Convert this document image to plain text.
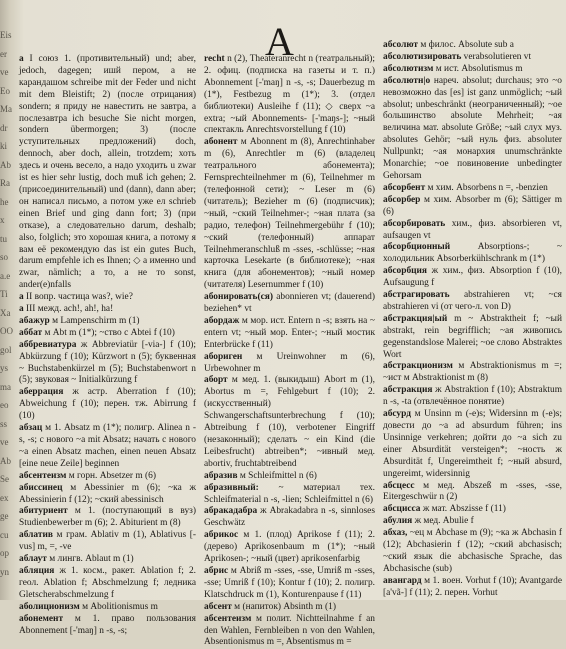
Eis
er
ve
Eo
Ma
dr
ki
Ab
Ra
he
x
tu
so
a.e
Ti
Xa
OO
gol
ys
ma
eo
ss
ve
Ab
Se
ex
ge
cu
op
yn
A

а I союз 1. (противительный) und; aber, jedoch, dagegen; ишй пером, а не карандашом schreibe mit der Feder und nicht mit dem Bleistift; 2) (после отрицания) sondern; я приду не навестить не завтра, а послезавтра ich besuche Sie nicht morgen, sondern übermorgen; 3) (после уступительных предложений) doch, dennoch, aber doch, allein, trotzdem; хоть здесь и очень весело, а надо уходить u zwar ist es hier sehr lustig, doch muß ich gehen; 2. (присоединительный) und (dann), dann aber; он написал письмо, а потом уже ел schrieb einen Brief und ging dann fort; 3) (при отказе), а следовательно darum, deshalb; also, folglich; это хорошая книга, а потому я вам её рекомендую das ist ein gutes Buch, darum empfehle ich es Ihnen; ◇ а именно und zwar, nämlich; а то, а не то sonst, ander(e)nfalls

а II вопр. частица was?, wie?

а III межд. ach!, ah!, ha!

абажур м Lampenschirm m (1)

аббат м Abt m (1*); ~ство с Abtei f (10)

аббревиатура ж Abbreviatür [-via-] f (10); Abkürzung f (10); Kürzwort n (5); буквенная ~ Buchstabenkürzel m (5); Buchstabenwort n (5); звуковая ~ Initialkürzung f

аберрация ж астр. Aberration f (10); Abweichung f (10); перен. тж. Abirrung f (10)

абзац м 1. Absatz m (1*); полигр. Alinea n -s, -s; с нового ~а mit Absatz; начать с нового ~а einen Absatz machen, einen neuen Absatz [eine neue Zeile] beginnen

абсентеизм м горн. Absetzer m (6)

абиссинец м Abessinier m (6); ~ка ж Abessinierin f (12); ~ский abessinisch

абитуриент м 1. (поступающий в вуз) Studienbewerber m (6); 2. Abiturient m (8)

аблатив м грам. Ablativ m (1), Ablativus [-vus] m, =, -ve

аблаут м лингв. Ablaut m (1)

абляция ж 1. косм., ракет. Ablation f; 2. геол. Ablation f; Abschmelzung f; ледника Gletscherabschmelzung f

аболиционизм м Abolitionismus m

абонемент м 1. право пользования Abonnement [-'maŋ] n -s, -s;

recht n (2), Theateranrecht n (театральный); 2. офиц. (подписка на газеты и т. п.) Abonnement [-'maŋ] n -s, -s; Dauerbezug m (1*), Festbezug m (1*); 3. (отдел библиотеки) Ausleihe f (11); ◇ сверх ~а extra; ~ый Abonnements- [-'maŋs-]; ~ный спектакль Anrechtsvorstellung f (10)

абонент м Abonnent m (8), Anrechtinhaber m (6), Anrechtler m (6) (владелец театрального абонемента); Fernsprechteilnehmer m (6), Teilnehmer m (телефонной сети); ~ Leser m (6) (читатель); Bezieher m (6) (подписчик); ~ный, ~ский Teilnehmer-; ~ная плата (за радио, телефон) Teilnehmergebühr f (10); ~ский (телефонный) аппарат Teilnehmeranschluß m -sses, -schlüsse; ~ная карточка Lesekarte (в библиотеке); ~ная книга (для абонементов); ~ный номер (читателя) Lesernummer f (10)

абонировать(ся) abonnieren vt; (dauerend) beziehen* vt

абордаж м мор. ист. Entern n -s; взять на ~ entern vt; ~ный мор. Enter-; ~ный мостик Enterbrücke f (11)

абориген м Ureinwohner m (6), Urbewohner m

аборт м мед. 1. (выкидыш) Abort m (1), Abortus m =, Fehlgeburt f (10); 2. (искусственный) Schwangerschaftsunterbrechung f (10); Abtreibung f (10), verbotener Eingriff (незаконный); сделать ~ ein Kind (die Leibesfrucht) abtreiben*; ~ивный мед. abortiv, fruchtabtreibend

абразив м Schleifmittel n (6)

абразивный: ~ материал тех. Schleifmaterial n -s, -lien; Schleifmittel n (6)

абракадабра ж Abrakadabra n -s, sinnloses Geschwätz

абрикос м 1. (плод) Aprikose f (11); 2. (дерево) Aprikosenbaum m (1*); ~ный Aprikosen-; ~ный (цвет) aprikosenfarbig

абрис м Abriß m -sses, -sse, Umriß m -sses, -sse; Umriß f (10); Kontur f (10); 2. полигр. Klatschdruck m (1), Konturenpause f (11)

абсент м (напиток) Absinth m (1)

абсентеизм м полит. Nichtteilnahme f an den Wahlen, Fernbleiben n von den Wahlen, Absentionismus m =, Absentismus m =

абсолют м филос. Absolute sub a

абсолютизировать verabsolutieren vt

абсолютизм м ист. Absolutismus m

абсолютн|о нареч. absolut; durchaus; это ~о невозможно das [es] ist ganz unmöglich; ~ый absolut; unbeschränkt (неограниченный); ~ое большинство absolute Mehrheit; ~ая величина мат. absolute Größe; ~ый слух муз. absolutes Gehör; ~ый нуль физ. absoluter Nullpunkt; ~ая монархия unumschränkte Monarchie; ~ое повиновение unbedingter Gehorsam

абсорбент м хим. Absorbens n =, -benzien

абсорбер м хим. Absorber m (6); Sättiger m (6)

абсорбировать хим., физ. absorbieren vt, aufsaugen vt

абсорбционный Absorptions-; ~ холодильник Absorberkühlschrank m (1*)

абсорбция ж хим., физ. Absorption f (10), Aufsaugung f

абстрагировать abstrahieren vt; ~ся abstrahieren vi (от чего-л. von D)

абстракция|ый m ~ Abstraktheit f; ~ый abstrakt, rein begrifflich; ~ая живопись gegenstandslose Malerei; ~ое слово Abstraktes Wort

абстракционизм м Abstraktionismus m =; ~ист м Abstraktionist m (8)

абстракция ж Abstraktion f (10); Abstraktum n -s, -ta (отвлечённое понятие)

абсурд м Unsinn m (-e)s; Widersinn m (-e)s; довести до ~а ad absurdum führen; ins Unsinnige verkehren; дойти до ~а sich zu einer Absurdität versteigen*; ~ность ж Absurdität f, Ungereimtheit f; ~ный absurd, ungereimt, widersinnig

абсцесс м мед. Abszeß m -sses, -sse, Eitergeschwür n (2)

абсцисса ж мат. Abszisse f (11)

абулия ж мед. Abulie f

абхаз, ~ец м Abchase m (9); ~ка ж Abchasin f (12); Abchasierin f (12); ~ский abchasisch; ~ский язык die abchasische Sprache, das Abchasische (sub)

авангард м 1. воен. Vorhut f (10); Avantgarde [a'vã-] f (11); 2. перен. Vorhut
